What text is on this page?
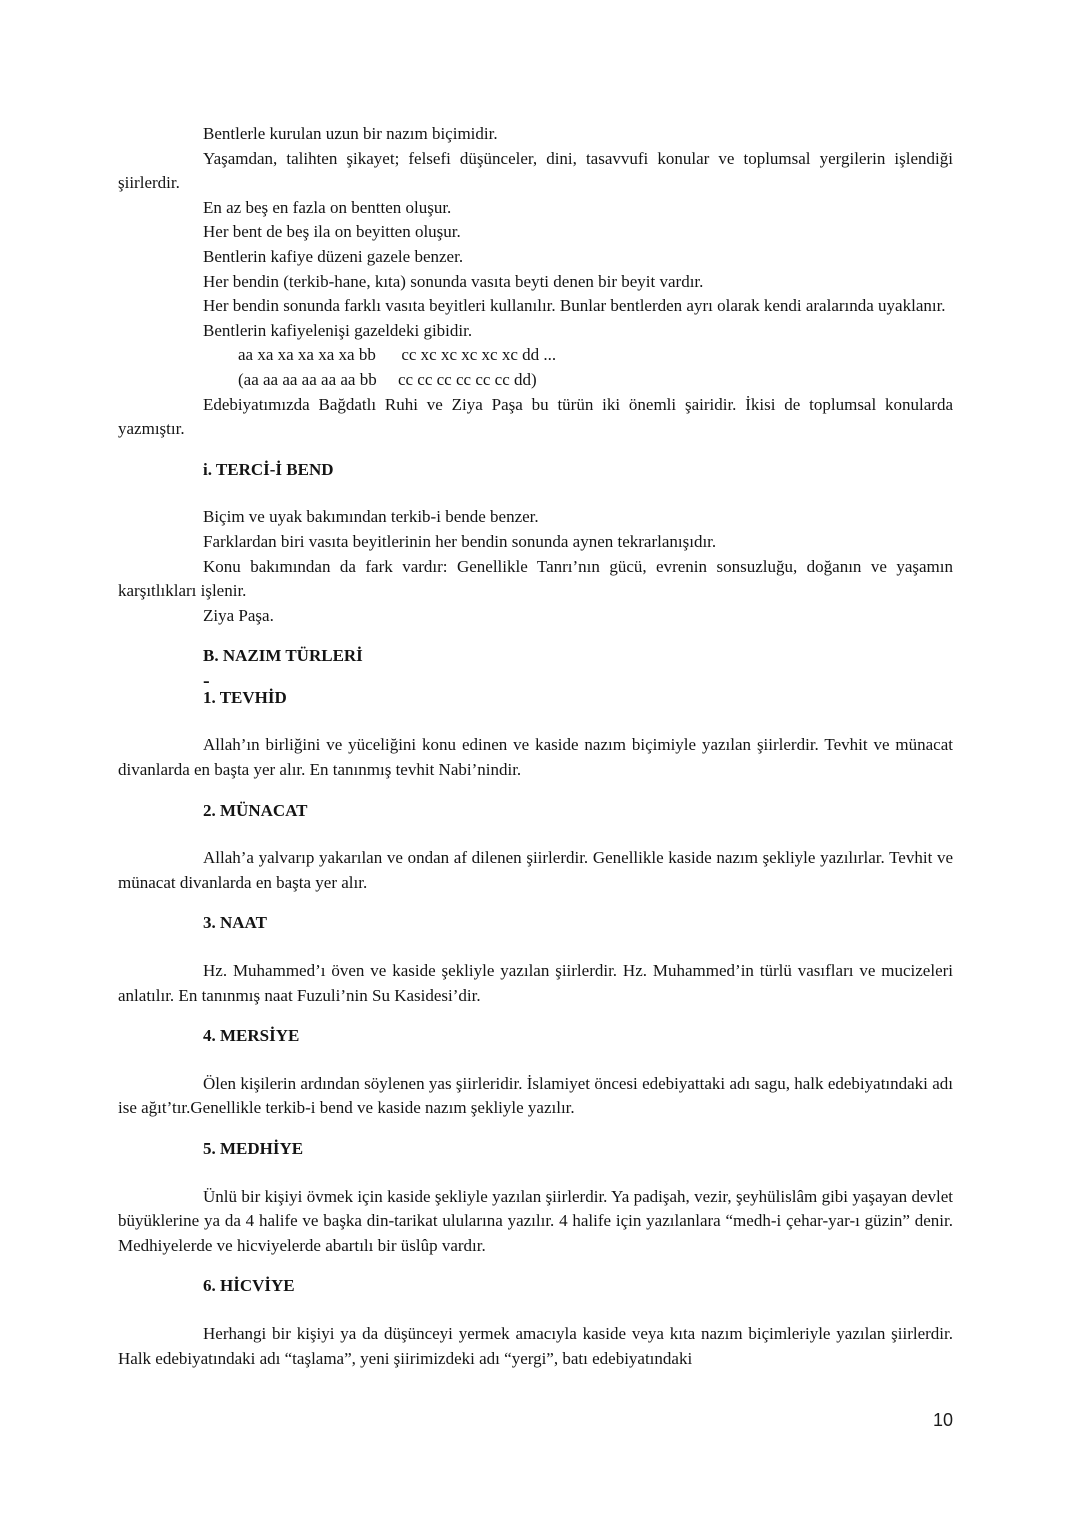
Bentlerle kurulan uzun bir nazım biçimidir.

Yaşamdan, talihten şikayet; felsefi düşünceler, dini, tasavvufi konular ve toplumsal yergilerin işlendiği şiirlerdir.

En az beş en fazla on bentten oluşur.

Her bent de beş ila on beyitten oluşur.

Bentlerin kafiye düzeni gazele benzer.

Her bendin (terkib-hane, kıta) sonunda vasıta beyti denen bir beyit vardır.

Her bendin sonunda farklı vasıta beyitleri kullanılır. Bunlar bentlerden ayrı olarak kendi aralarında uyaklanır.

Bentlerin kafiyelenişi gazeldeki gibidir.

aa xa xa xa xa xa bb      cc xc xc xc xc xc dd ...

(aa aa aa aa aa aa bb     cc cc cc cc cc cc dd)

Edebiyatımızda Bağdatlı Ruhi ve Ziya Paşa bu türün iki önemli şairidir. İkisi de toplumsal konularda yazmıştır.

i. TERCİ-İ BEND

Biçim ve uyak bakımından terkib-i bende benzer.

Farklardan biri vasıta beyitlerinin her bendin sonunda aynen tekrarlanışıdır.

Konu bakımından da fark vardır: Genellikle Tanrı’nın gücü, evrenin sonsuzluğu, doğanın ve yaşamın karşıtlıkları işlenir.

Ziya Paşa.

B. NAZIM TÜRLERİ

-

1. TEVHİD

Allah’ın birliğini ve yüceliğini konu edinen ve kaside nazım biçimiyle yazılan şiirlerdir. Tevhit ve münacat divanlarda en başta yer alır. En tanınmış tevhit Nabi’nindir.

2. MÜNACAT

Allah’a yalvarıp yakarılan ve ondan af dilenen şiirlerdir. Genellikle kaside nazım şekliyle yazılırlar. Tevhit ve münacat divanlarda en başta yer alır.

3. NAAT

Hz. Muhammed’ı öven ve kaside şekliyle yazılan şiirlerdir. Hz. Muhammed’in türlü vasıfları ve mucizeleri anlatılır. En tanınmış naat Fuzuli’nin Su Kasidesi’dir.

4. MERSİYE

Ölen kişilerin ardından söylenen yas şiirleridir. İslamiyet öncesi edebiyattaki adı sagu, halk edebiyatındaki adı ise ağıt’tır.Genellikle terkib-i bend ve kaside nazım şekliyle yazılır.

5. MEDHİYE

Ünlü bir kişiyi övmek için kaside şekliyle yazılan şiirlerdir. Ya padişah, vezir, şeyhülislâm gibi yaşayan devlet büyüklerine ya da 4 halife ve başka din-tarikat ulularına yazılır. 4 halife için yazılanlara “medh-i çehar-yar-ı güzin” denir. Medhiyelerde ve hicviyelerde abartılı bir üslûp vardır.

6. HİCVİYE

Herhangi bir kişiyi ya da düşünceyi yermek amacıyla kaside veya kıta nazım biçimleriyle yazılan şiirlerdir. Halk edebiyatındaki adı “taşlama”, yeni şiirimizdeki adı “yergi”, batı edebiyatındaki

10
